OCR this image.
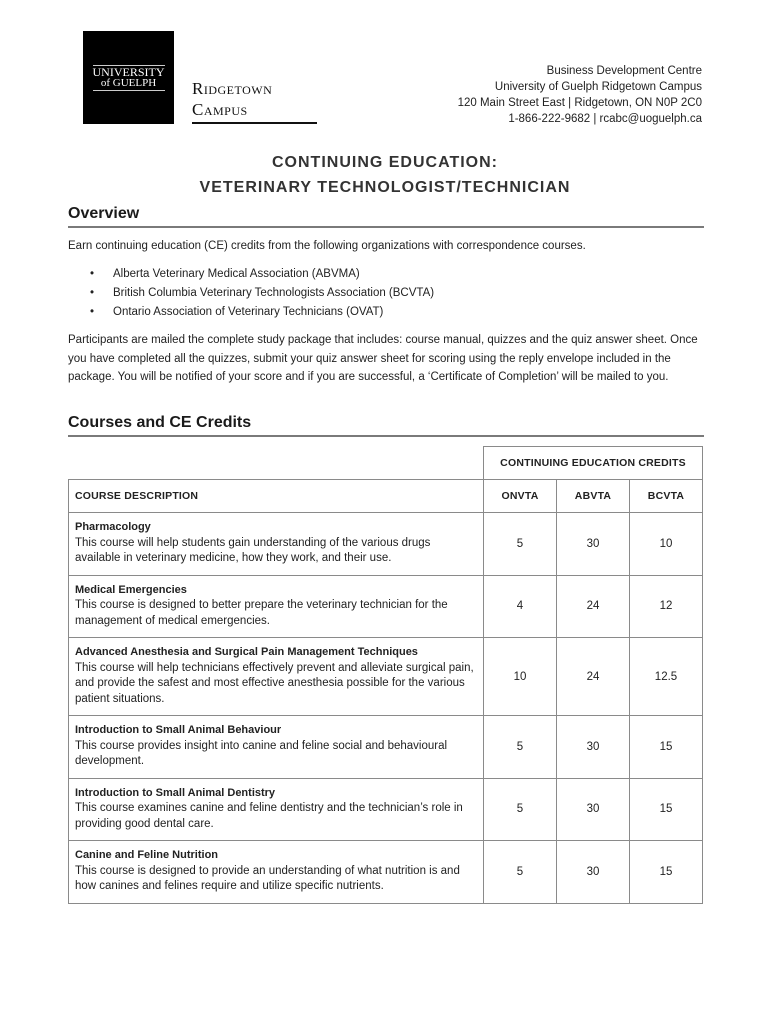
UNIVERSITY
of GUELPH	Ridgetown
Campus
Business Development Centre
University of Guelph Ridgetown Campus
120 Main Street East | Ridgetown, ON N0P 2C0
1-866-222-9682 | rcabc@uoguelph.ca
CONTINUING EDUCATION:
VETERINARY TECHNOLOGIST/TECHNICIAN
Overview
Earn continuing education (CE) credits from the following organizations with correspondence courses.
• Alberta Veterinary Medical Association (ABVMA)
• British Columbia Veterinary Technologists Association (BCVTA)
• Ontario Association of Veterinary Technicians (OVAT)
Participants are mailed the complete study package that includes: course manual, quizzes and the quiz answer sheet. Once you have completed all the quizzes, submit your quiz answer sheet for scoring using the reply envelope included in the package. You will be notified of your score and if you are successful, a ‘Certificate of Completion’ will be mailed to you.
Courses and CE Credits
	CONTINUING EDUCATION CREDITS		
COURSE DESCRIPTION	ONVTA	ABVTA	BCVTA

Pharmacology
This course will help students gain understanding of the various drugs available in veterinary medicine, how they work, and their use.	5	30	10

Medical Emergencies
This course is designed to better prepare the veterinary technician for the management of medical emergencies.	4	24	12

Advanced Anesthesia and Surgical Pain Management Techniques
This course will help technicians effectively prevent and alleviate surgical pain, and provide the safest and most effective anesthesia possible for the various patient situations.	10	24	12.5

Introduction to Small Animal Behaviour
This course provides insight into canine and feline social and behavioural development.	5	30	15

Introduction to Small Animal Dentistry
This course examines canine and feline dentistry and the technician’s role in providing good dental care.	5	30	15

Canine and Feline Nutrition
This course is designed to provide an understanding of what nutrition is and how canines and felines require and utilize specific nutrients.	5	30	15
